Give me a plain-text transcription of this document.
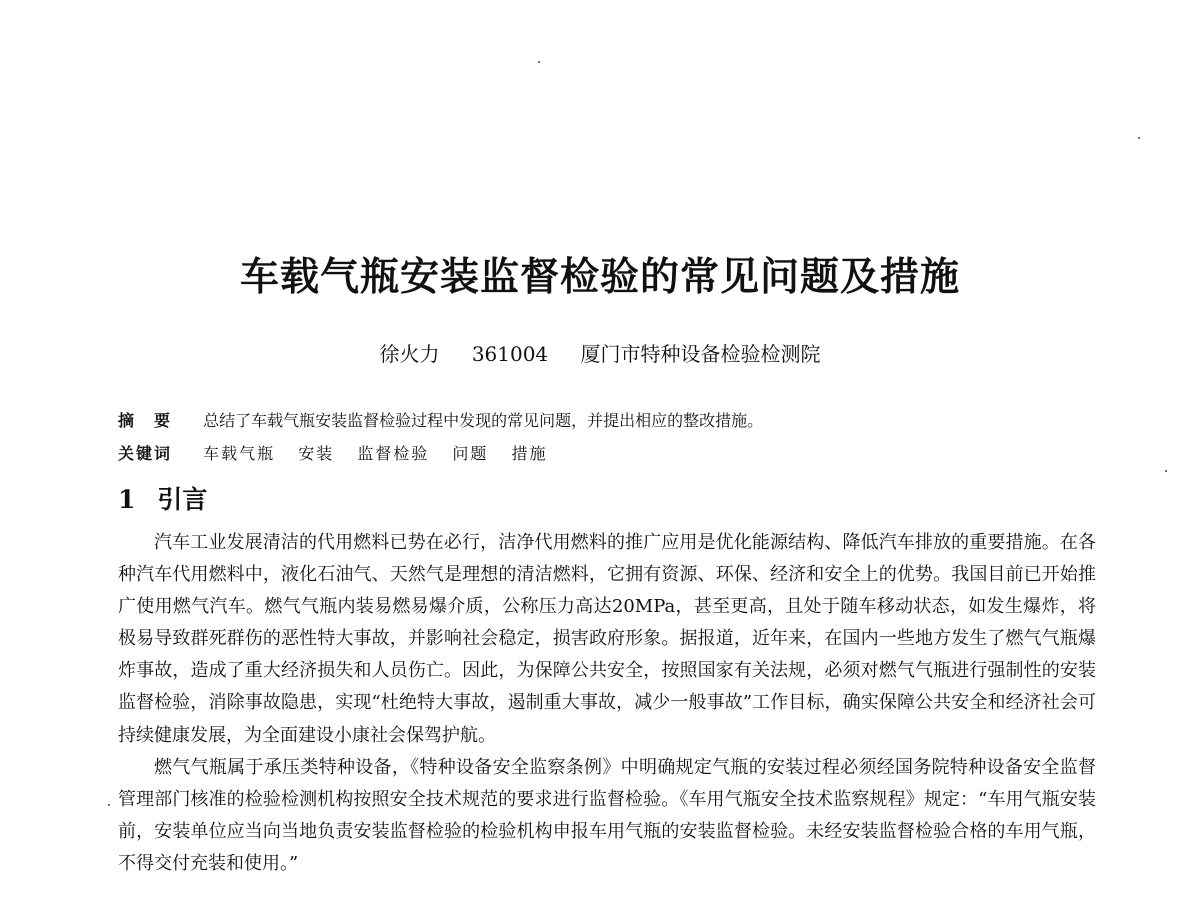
车载气瓶安装监督检验的常见问题及措施
徐火力 361004 厦门市特种设备检验检测院
摘　要 总结了车载气瓶安装监督检验过程中发现的常见问题，并提出相应的整改措施。
关键词 车载气瓶 安装 监督检验 问题 措施
1 引言

汽车工业发展清洁的代用燃料已势在必行，洁净代用燃料的推广应用是优化能源结构、降低汽车排放的重要措施。在各种汽车代用燃料中，液化石油气、天然气是理想的清洁燃料，它拥有资源、环保、经济和安全上的优势。我国目前已开始推广使用燃气汽车。燃气气瓶内装易燃易爆介质，公称压力高达20MPa，甚至更高，且处于随车移动状态，如发生爆炸，将极易导致群死群伤的恶性特大事故，并影响社会稳定，损害政府形象。据报道，近年来，在国内一些地方发生了燃气气瓶爆炸事故，造成了重大经济损失和人员伤亡。因此，为保障公共安全，按照国家有关法规，必须对燃气气瓶进行强制性的安装监督检验，消除事故隐患，实现“杜绝特大事故，遏制重大事故，减少一般事故”工作目标，确实保障公共安全和经济社会可持续健康发展，为全面建设小康社会保驾护航。

燃气气瓶属于承压类特种设备，《特种设备安全监察条例》中明确规定气瓶的安装过程必须经国务院特种设备安全监督管理部门核准的检验检测机构按照安全技术规范的要求进行监督检验。《车用气瓶安全技术监察规程》规定：“车用气瓶安装前，安装单位应当向当地负责安装监督检验的检验机构申报车用气瓶的安装监督检验。未经安装监督检验合格的车用气瓶，不得交付充装和使用。”
